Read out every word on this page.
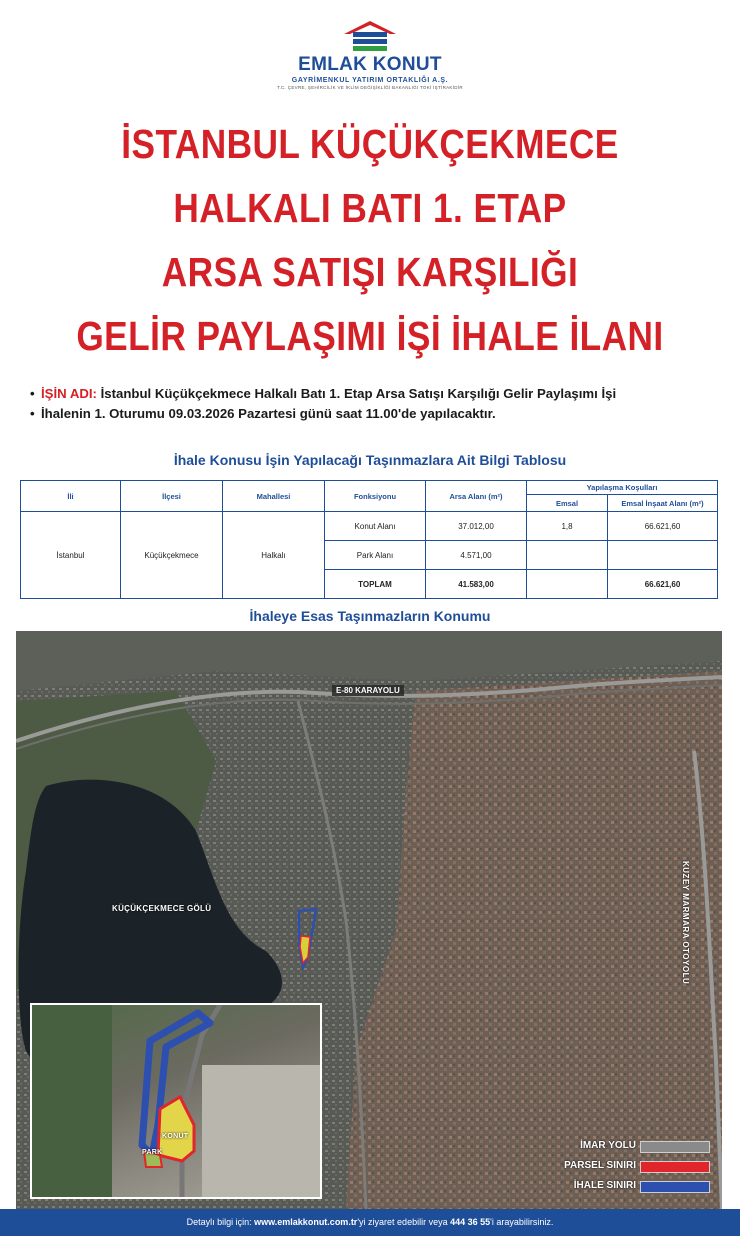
EMLAK KONUT
GAYRİMENKUL YATIRIM ORTAKLIĞI A.Ş.
T.C. ÇEVRE, ŞEHİRCİLİK VE İKLİM DEĞİŞİKLİĞİ BAKANLIĞI TOKİ İŞTİRAKİDİR
İSTANBUL KÜÇÜKÇEKMECE
HALKALI BATI 1. ETAP
ARSA SATIŞI KARŞILIĞI
GELİR PAYLAŞIMI İŞİ İHALE İLANI
• İŞİN ADI: İstanbul Küçükçekmece Halkalı Batı 1. Etap Arsa Satışı Karşılığı Gelir Paylaşımı İşi
• İhalenin 1. Oturumu 09.03.2026 Pazartesi günü saat 11.00'de yapılacaktır.
İhale Konusu İşin Yapılacağı Taşınmazlara Ait Bilgi Tablosu
İli	İlçesi	Mahallesi	Fonksiyonu	Arsa Alanı (m²)	Yapılaşma Koşulları	
					Emsal	Emsal İnşaat Alanı (m²)
İstanbul	Küçükçekmece	Halkalı	Konut Alanı	37.012,00	1,8	66.621,60
			Park Alanı	4.571,00		
			TOPLAM	41.583,00		66.621,60
İhaleye Esas Taşınmazların Konumu
E-80 KARAYOLU
KÜÇÜKÇEKMECE GÖLÜ	KUZEY MARMARA OTOYOLU
KONUT
PARK
İMAR YOLU
PARSEL SINIRI
İHALE SINIRI
Detaylı bilgi için: www.emlakkonut.com.tr'yi ziyaret edebilir veya 444 36 55'i arayabilirsiniz.
